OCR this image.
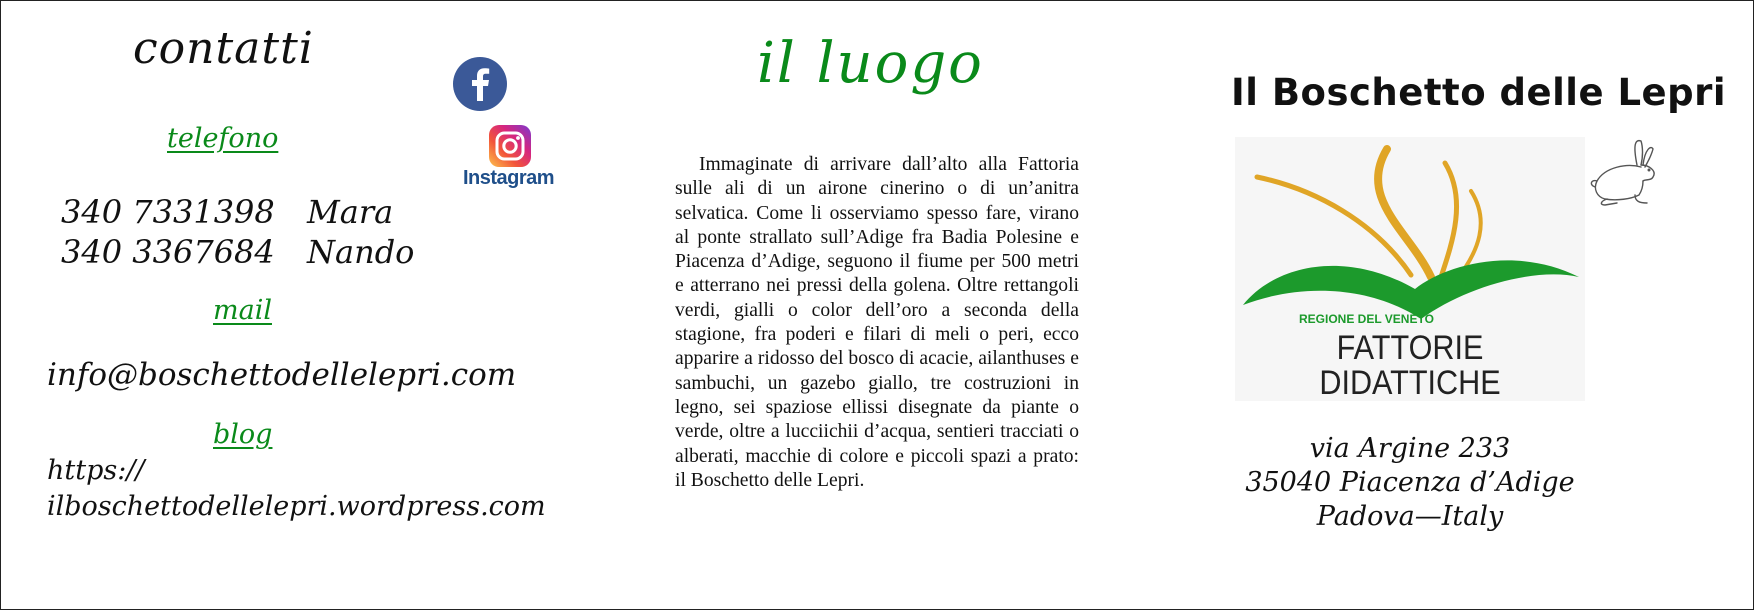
contatti
telefono
340 7331398	Mara
340 3367684	Nando
mail
info@boschettodellelepri.com
blog
https://
ilboschettodellelepri.wordpress.com
Instagram
il luogo

Immaginate di arrivare dall’alto alla Fattoria sulle ali di un airone cinerino o di un’anitra selvatica. Come li osserviamo spesso fare, virano al ponte strallato sull’Adige fra Badia Polesine e Piacenza d’Adige, seguono il fiume per 500 metri e atterrano nei pressi della golena. Oltre rettangoli verdi, gialli o color dell’oro a seconda della stagione, fra poderi e filari di meli o peri, ecco apparire a ridosso del bosco di acacie, ailanthuses e sambuchi, un gazebo giallo, tre costruzioni in legno, sei spaziose ellissi disegnate da piante o verde, oltre a lucciichii d’acqua, sentieri tracciati o alberati, macchie di colore e piccoli spazi a prato: il Boschetto delle Lepri.

Il Boschetto delle Lepri
REGIONE DEL VENETO
FATTORIE
DIDATTICHE
via Argine 233
35040 Piacenza d’Adige
Padova—Italy
